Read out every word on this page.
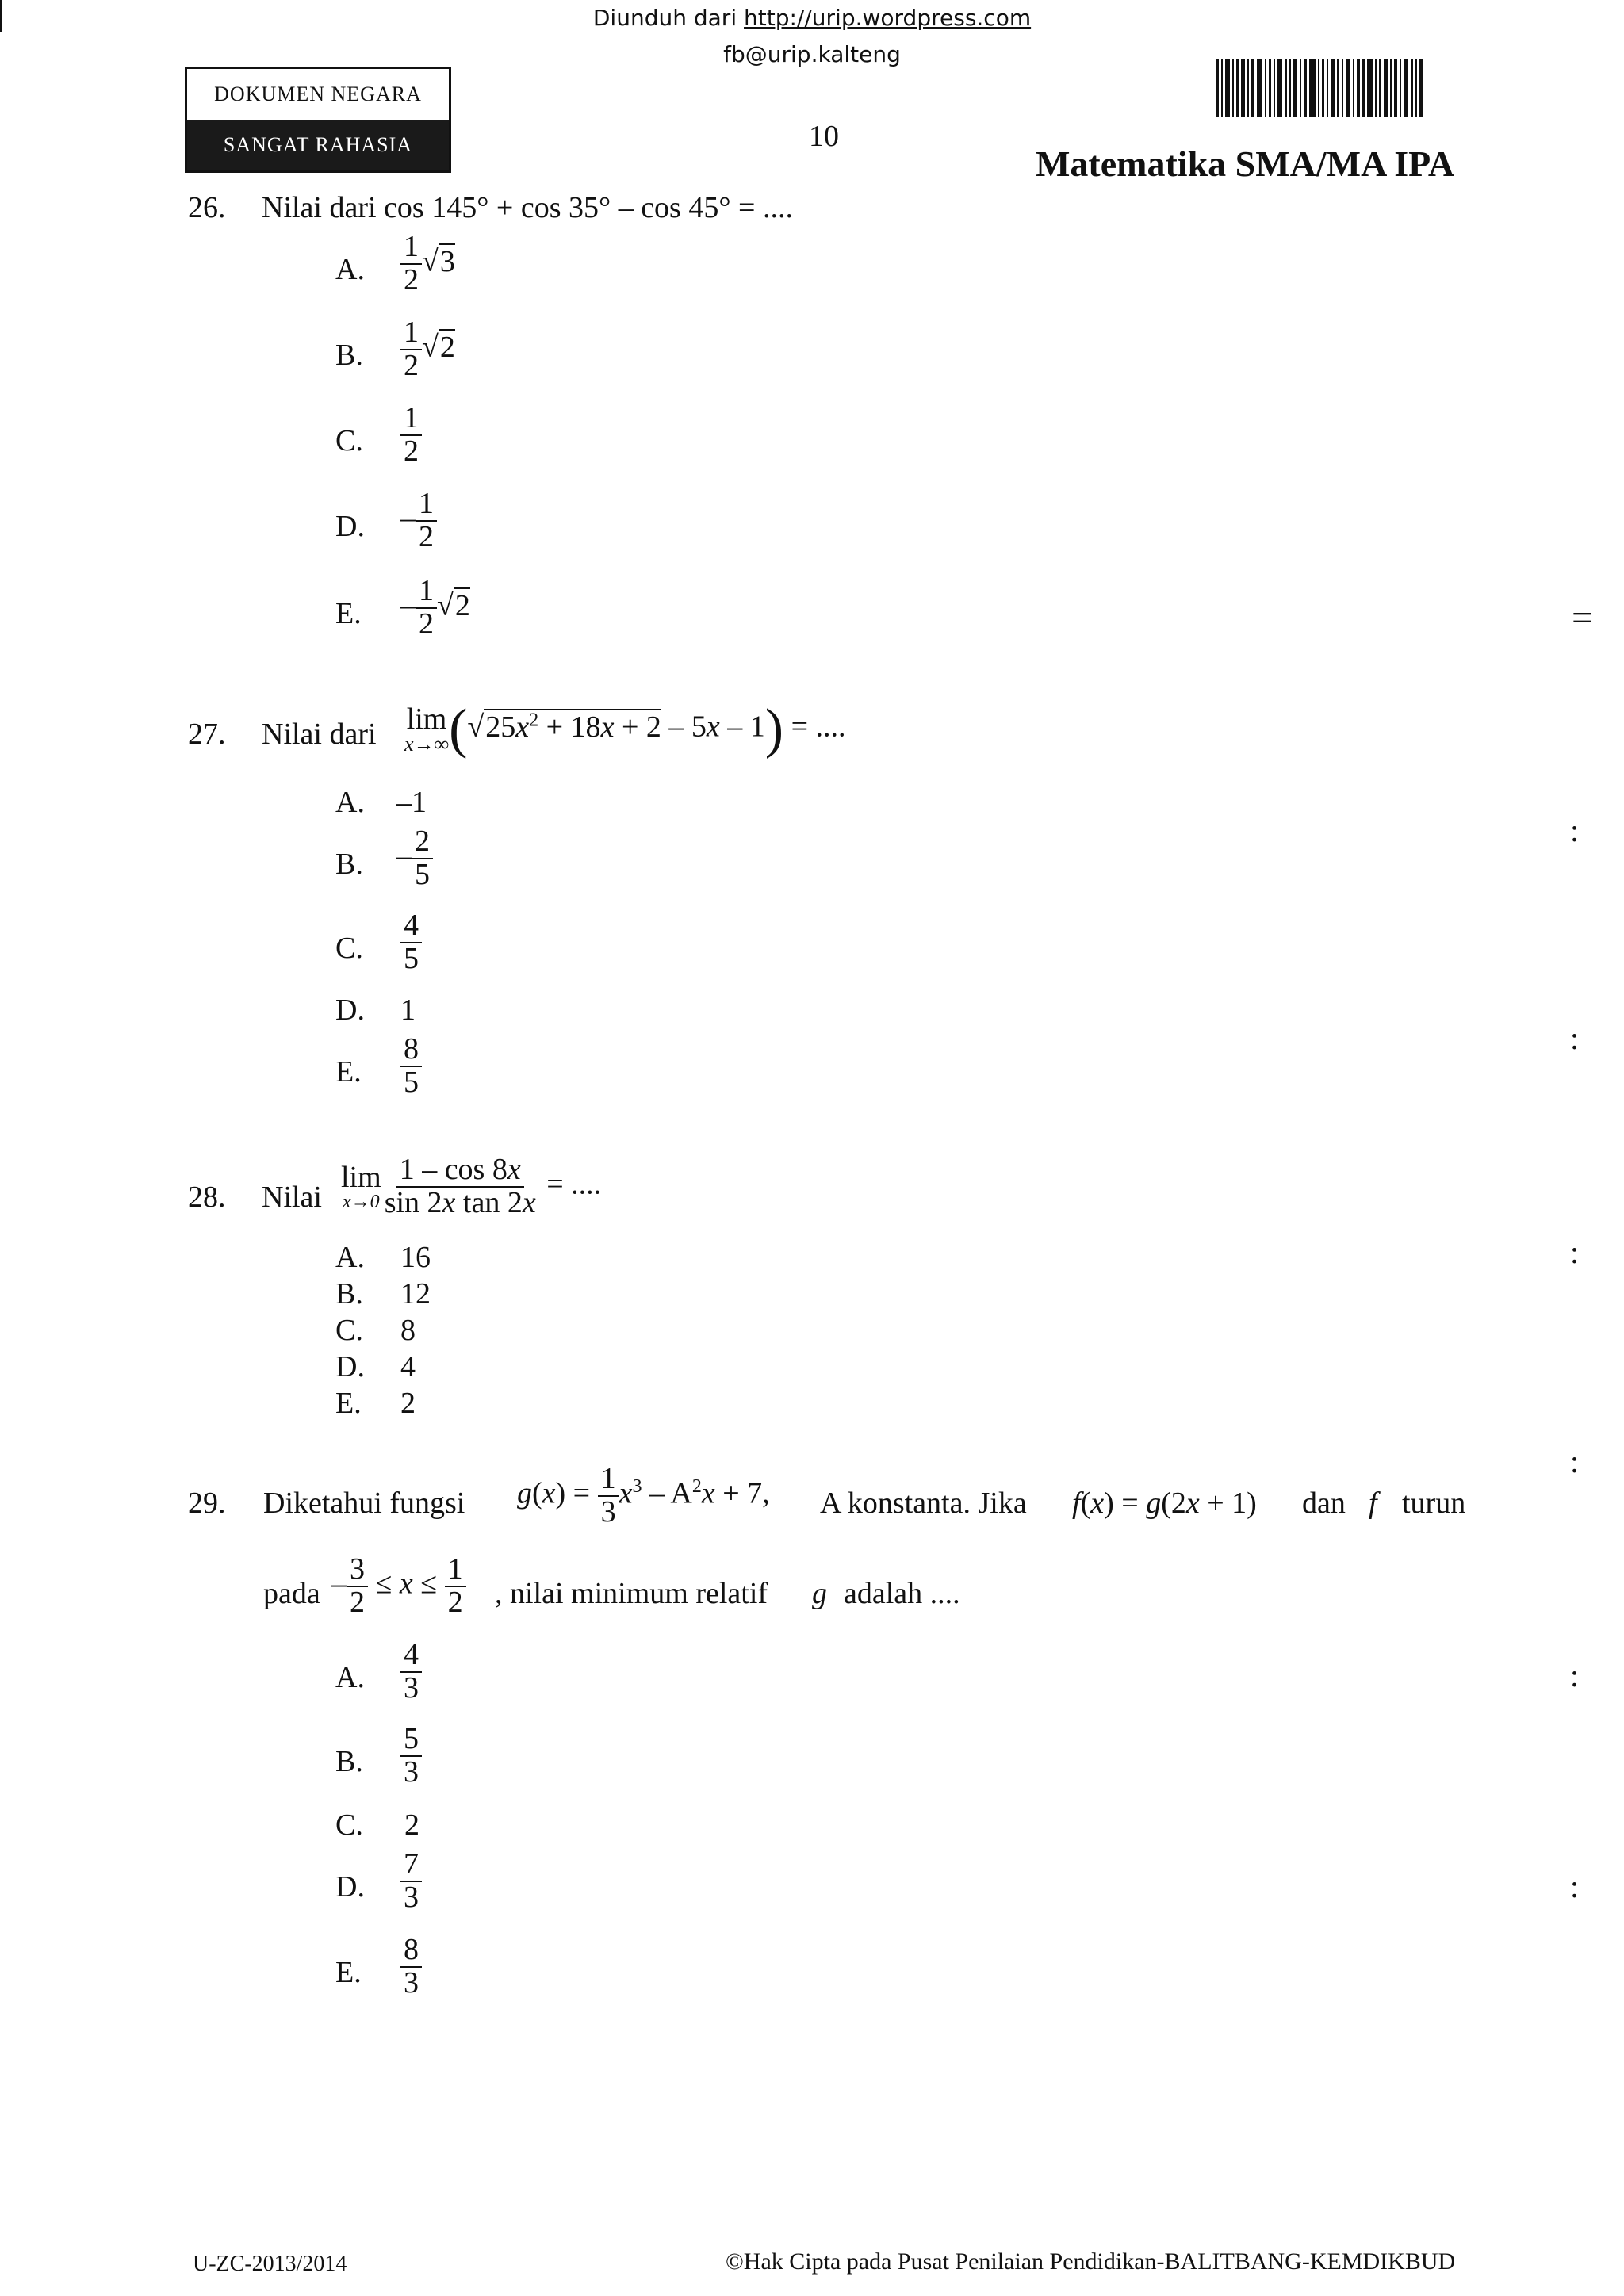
Diunduh dari http://urip.wordpress.com
fb@urip.kalteng
DOKUMEN NEGARA
SANGAT RAHASIA	10
Matematika SMA/MA IPA
26. Nilai dari cos 145° + cos 35° – cos 45° = ....
A. $\frac{1}{2} √3$
B. $\frac{1}{2} √2$
C. $\frac{1}{2}$
D. – $\frac{1}{2}$
E. – $\frac{1}{2} √2$
27. Nilai dari lim
x→∞ $(√25x^2 + 18x + 2 - 5x - 1)$ = ....
A. –1
B. – $\frac{2}{5}$
C. $\frac{4}{5}$
D. 1
E. $\frac{8}{5}$
28. Nilai
lim
$x\to 0 \frac{1 - \cos 8x}{\text{sin 2x tan 2x}}$ = ....
A. 16
B. 12
C. 8
D. 4
E. 2
29. Diketahui fungsi $g(x) = \frac{1}{3} x^3 - A^2x + 7$, A konstanta. Jika f(x) = g(2x + 1) dan f turun
pada – $\frac{3}{2} \le x \le \frac{1}{2}$ , nilai minimum relatif g adalah ....
A. $\frac{4}{3}$
B. $\frac{5}{3}$
C. 2
D. $\frac{7}{3}$
E. $\frac{8}{3}$
=
:
:
:
:
:
:
U-ZC-2013/2014	©Hak Cipta pada Pusat Penilaian Pendidikan-BALITBANG-KEMDIKBUD
